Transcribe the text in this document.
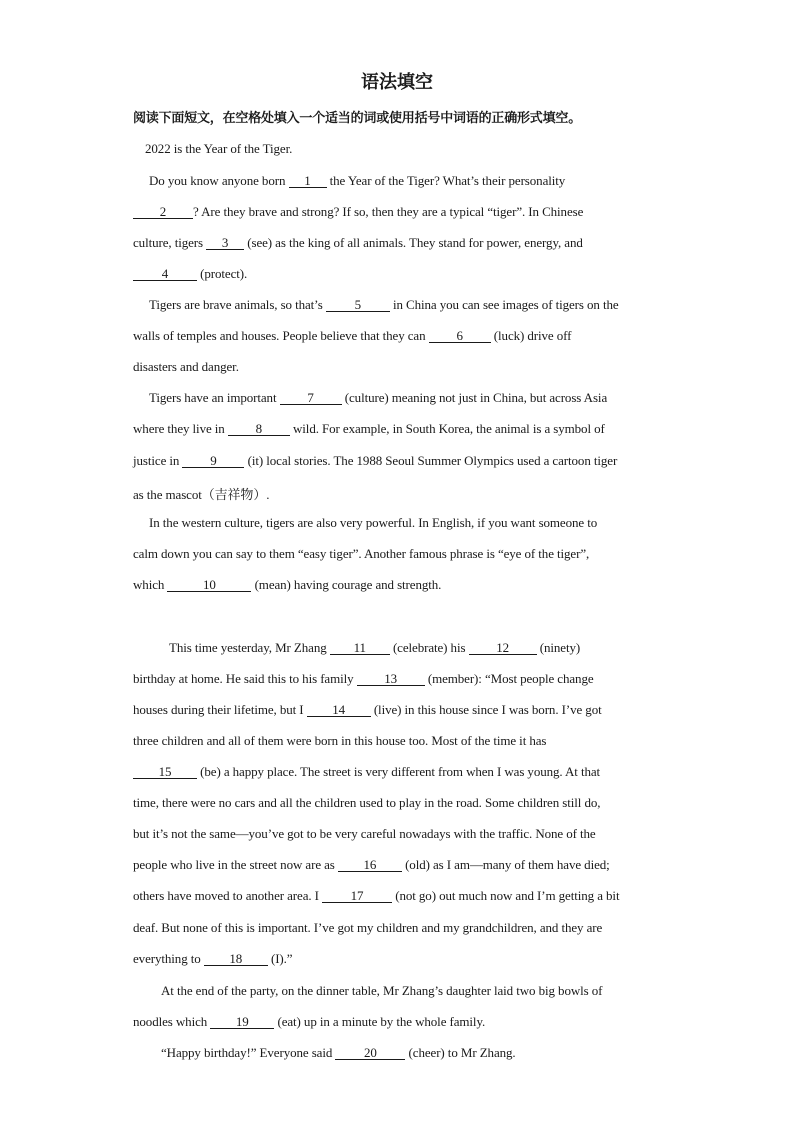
语法填空
阅读下面短文，在空格处填入一个适当的词或使用括号中词语的正确形式填空。
2022 is the Year of the Tiger.
Do you know anyone born 1 the Year of the Tiger? What’s their personality
2 ? Are they brave and strong? If so, then they are a typical “tiger”. In Chinese
culture, tigers 3 (see) as the king of all animals. They stand for power, energy, and
4 (protect).
Tigers are brave animals, so that’s 5 in China you can see images of tigers on the
walls of temples and houses. People believe that they can 6 (luck) drive off
disasters and danger.
Tigers have an important 7 (culture) meaning not just in China, but across Asia
where they live in 8 wild. For example, in South Korea, the animal is a symbol of
justice in 9 (it) local stories. The 1988 Seoul Summer Olympics used a cartoon tiger
as the mascot（吉祥物）.
In the western culture, tigers are also very powerful. In English, if you want someone to
calm down you can say to them “easy tiger”. Another famous phrase is “eye of the tiger”,
which	10	(mean) having courage and strength.
This time yesterday, Mr Zhang 11 (celebrate) his 12 (ninety)
birthday at home. He said this to his family 13 (member): “Most people change
houses during their lifetime, but I 14 (live) in this house since I was born. I’ve got
three children and all of them were born in this house too. Most of the time it has
15 (be) a happy place. The street is very different from when I was young. At that
time, there were no cars and all the children used to play in the road. Some children still do,
but it’s not the same—you’ve got to be very careful nowadays with the traffic. None of the
people who live in the street now are as 16 (old) as I am—many of them have died;
others have moved to another area. I 17 (not go) out much now and I’m getting a bit
deaf. But none of this is important. I’ve got my children and my grandchildren, and they are
everything to 18 (I).”
At the end of the party, on the dinner table, Mr Zhang’s daughter laid two big bowls of
noodles which 19 (eat) up in a minute by the whole family.
“Happy birthday!” Everyone said 20 (cheer) to Mr Zhang.
